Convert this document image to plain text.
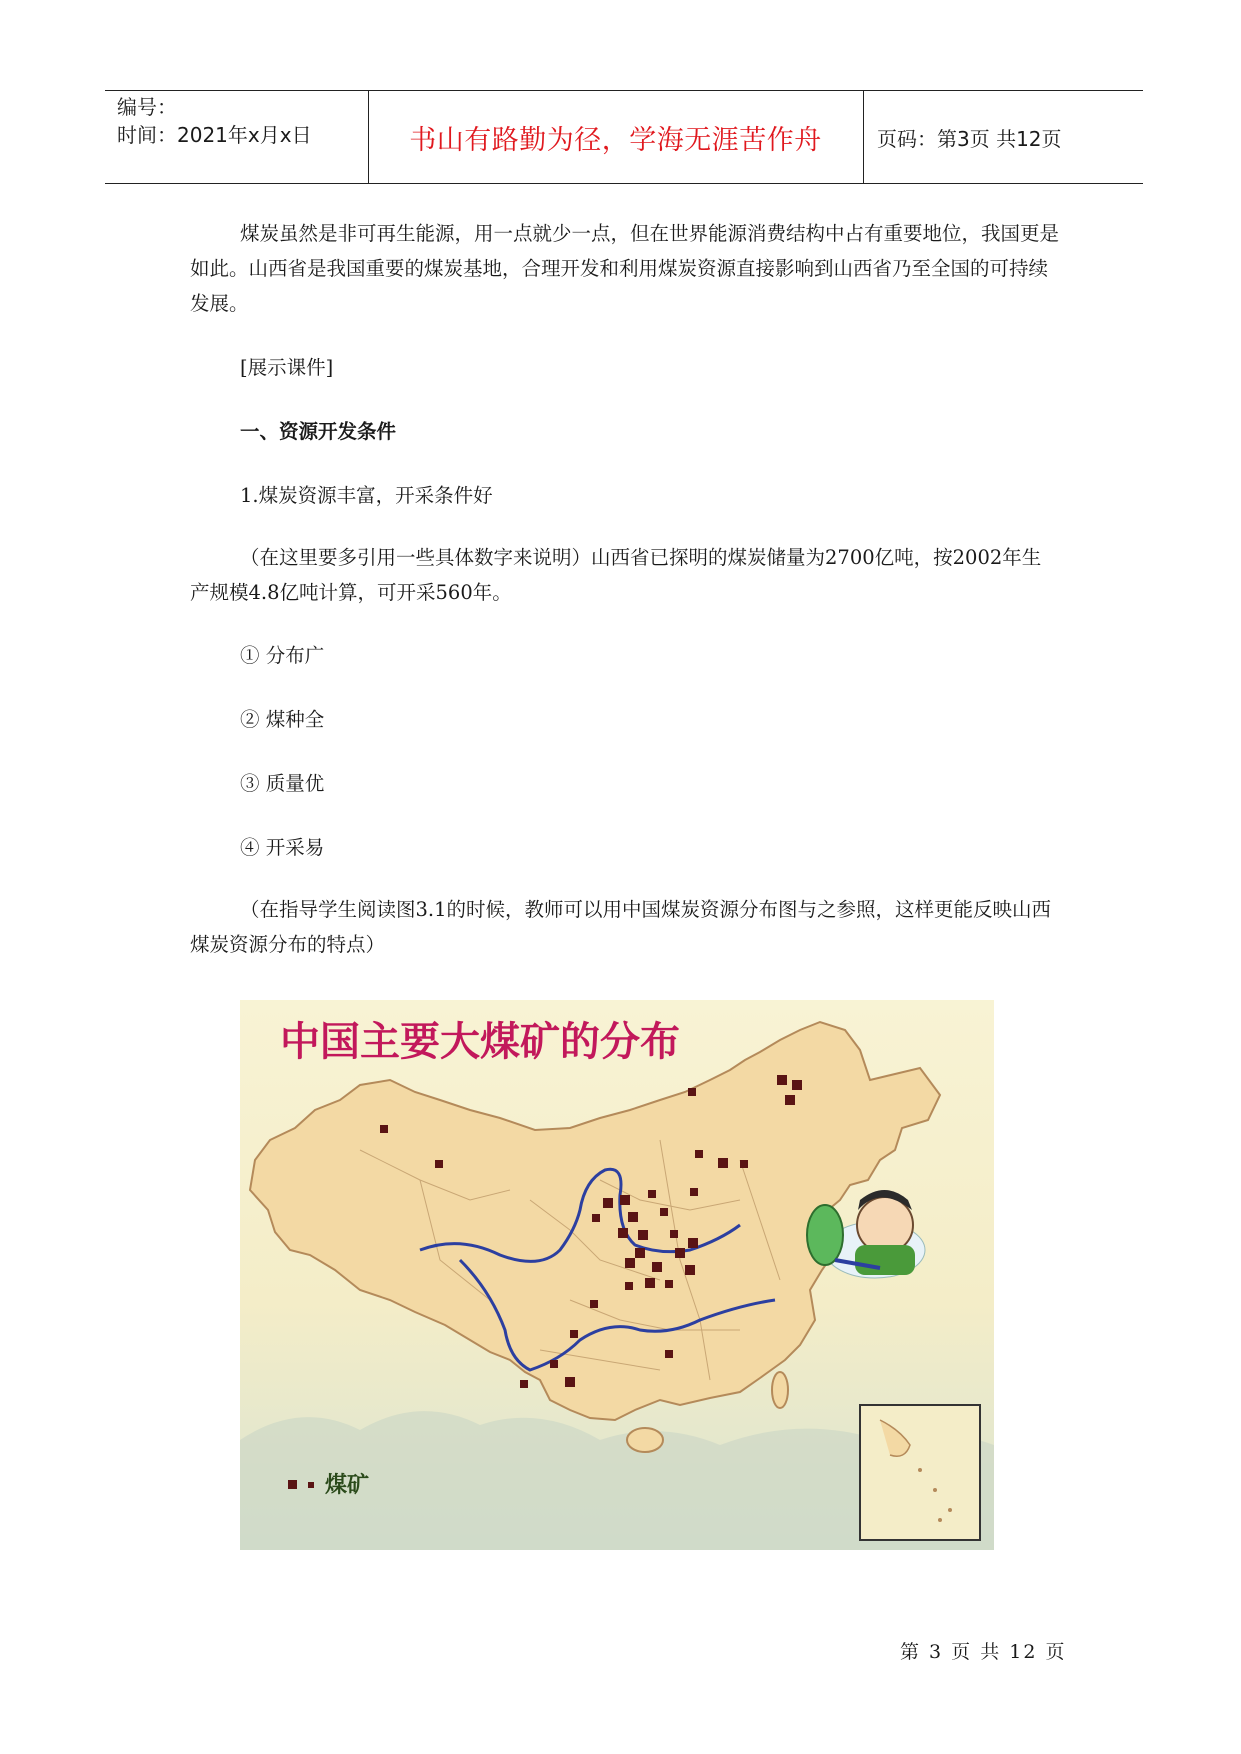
编号：
时间：2021年x月x日	书山有路勤为径，学海无涯苦作舟	页码：第3页 共12页

煤炭虽然是非可再生能源，用一点就少一点，但在世界能源消费结构中占有重要地位，我国更是如此。山西省是我国重要的煤炭基地，合理开发和利用煤炭资源直接影响到山西省乃至全国的可持续发展。

[展示课件]

一、资源开发条件

1.煤炭资源丰富，开采条件好

（在这里要多引用一些具体数字来说明）山西省已探明的煤炭储量为2700亿吨，按2002年生产规模4.8亿吨计算，可开采560年。

① 分布广

② 煤种全

③ 质量优

④ 开采易

（在指导学生阅读图3.1的时候，教师可以用中国煤炭资源分布图与之参照，这样更能反映山西煤炭资源分布的特点）

中国主要大煤矿的分布
煤矿
第 3 页 共 12 页
